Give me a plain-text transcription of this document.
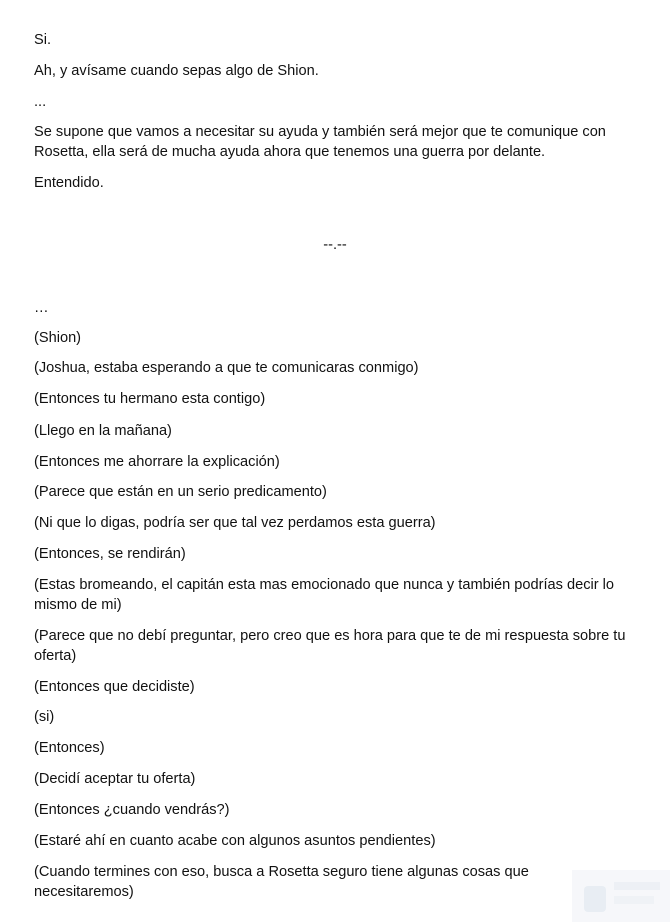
Si.
Ah, y avísame cuando sepas algo de Shion.
...
Se supone que vamos a necesitar su ayuda y también será mejor que te comunique con Rosetta, ella será de mucha ayuda ahora que tenemos una guerra por delante.
Entendido.
--.--
…
(Shion)
(Joshua, estaba esperando a que te comunicaras conmigo)
(Entonces tu hermano esta contigo)
(Llego en la mañana)
(Entonces me ahorrare la explicación)
(Parece que están en un serio predicamento)
(Ni que lo digas, podría ser que tal vez perdamos esta guerra)
(Entonces, se rendirán)
(Estas bromeando, el capitán esta mas emocionado que nunca y también podrías decir lo mismo de mi)
(Parece que no debí preguntar, pero creo que es hora para que te de mi respuesta sobre tu oferta)
(Entonces que decidiste)
(si)
(Entonces)
(Decidí aceptar tu oferta)
(Entonces ¿cuando vendrás?)
(Estaré ahí en cuanto acabe con algunos asuntos pendientes)
(Cuando termines con eso, busca a Rosetta seguro tiene algunas cosas que necesitaremos)
